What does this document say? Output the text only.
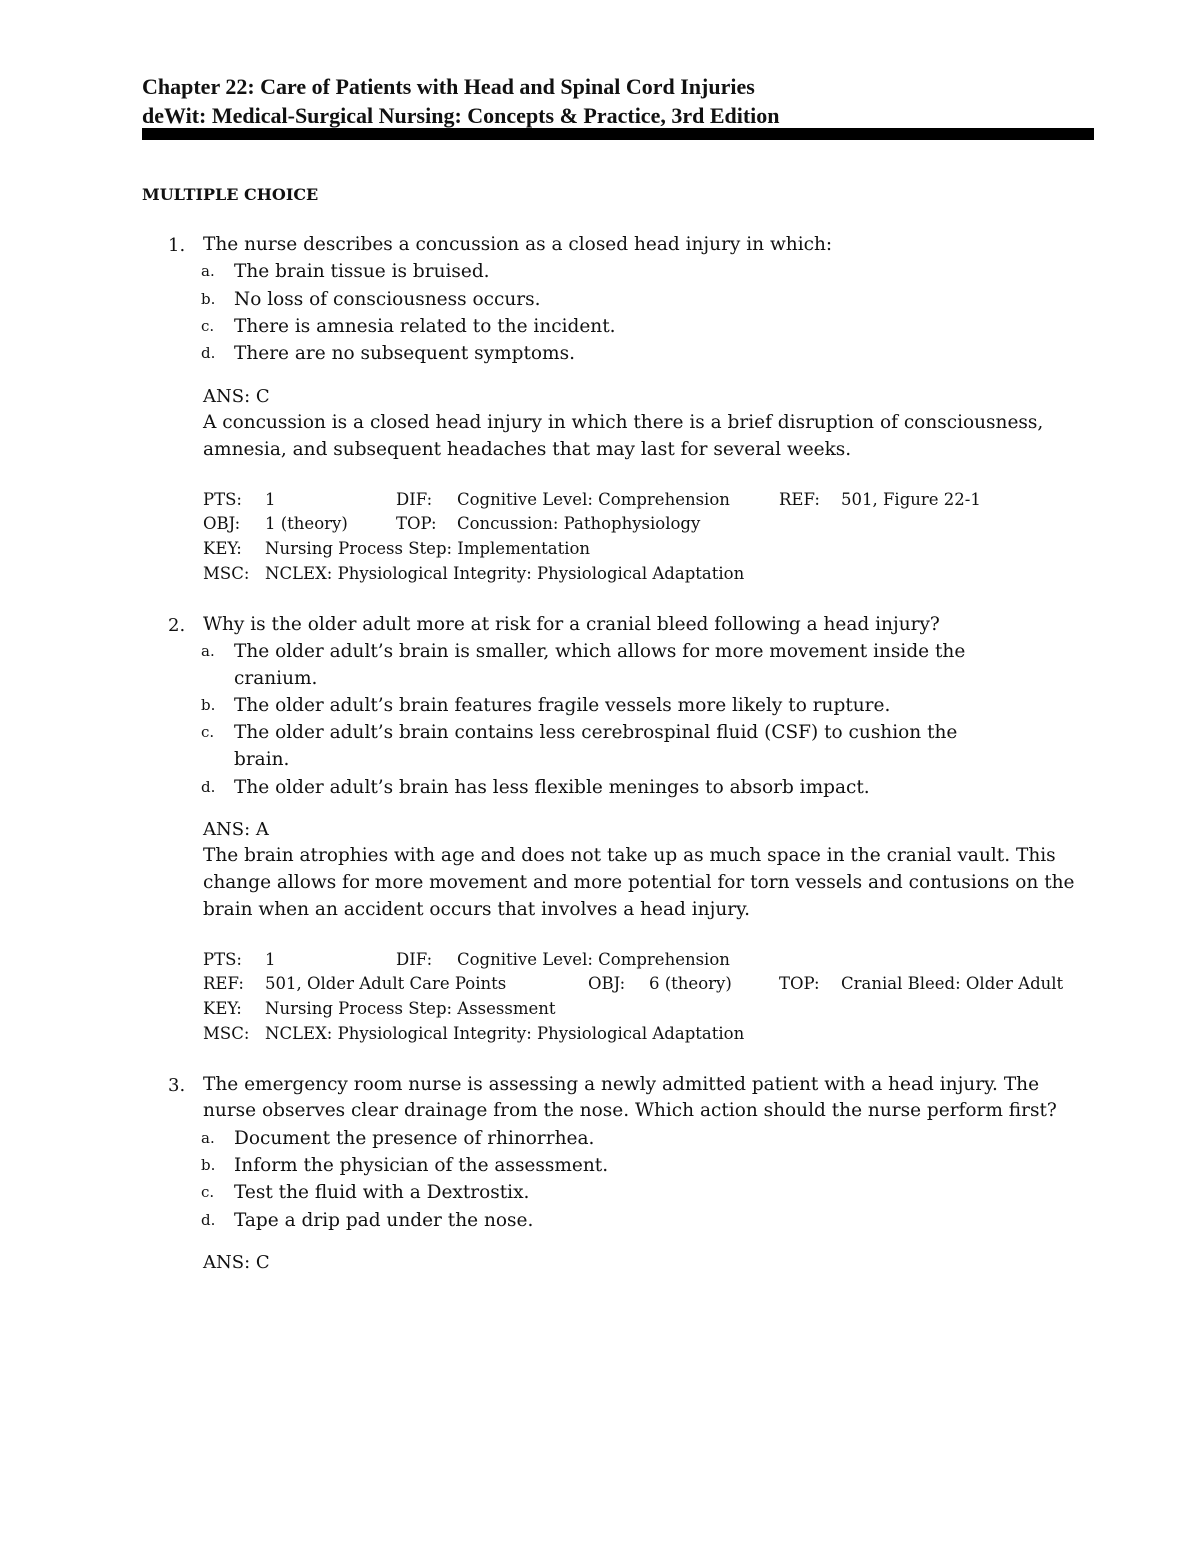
Chapter 22: Care of Patients with Head and Spinal Cord Injuries
deWit: Medical-Surgical Nursing: Concepts & Practice, 3rd Edition
MULTIPLE CHOICE
1. The nurse describes a concussion as a closed head injury in which:
a. The brain tissue is bruised.
b. No loss of consciousness occurs.
c. There is amnesia related to the incident.
d. There are no subsequent symptoms.
ANS: C
A concussion is a closed head injury in which there is a brief disruption of consciousness, amnesia, and subsequent headaches that may last for several weeks.
PTS: 1	DIF: Cognitive Level: Comprehension	REF: 501, Figure 22-1
OBJ: 1 (theory)	TOP: Concussion: Pathophysiology
KEY: Nursing Process Step: Implementation
MSC: NCLEX: Physiological Integrity: Physiological Adaptation
2. Why is the older adult more at risk for a cranial bleed following a head injury?
a. The older adult’s brain is smaller, which allows for more movement inside the cranium.
b. The older adult’s brain features fragile vessels more likely to rupture.
c. The older adult’s brain contains less cerebrospinal fluid (CSF) to cushion the brain.
d. The older adult’s brain has less flexible meninges to absorb impact.
ANS: A
The brain atrophies with age and does not take up as much space in the cranial vault. This change allows for more movement and more potential for torn vessels and contusions on the brain when an accident occurs that involves a head injury.
PTS: 1	DIF: Cognitive Level: Comprehension
REF: 501, Older Adult Care Points	OBJ: 6 (theory)	TOP: Cranial Bleed: Older Adult
KEY: Nursing Process Step: Assessment
MSC: NCLEX: Physiological Integrity: Physiological Adaptation
3. The emergency room nurse is assessing a newly admitted patient with a head injury. The nurse observes clear drainage from the nose. Which action should the nurse perform first?
a. Document the presence of rhinorrhea.
b. Inform the physician of the assessment.
c. Test the fluid with a Dextrostix.
d. Tape a drip pad under the nose.
ANS: C
